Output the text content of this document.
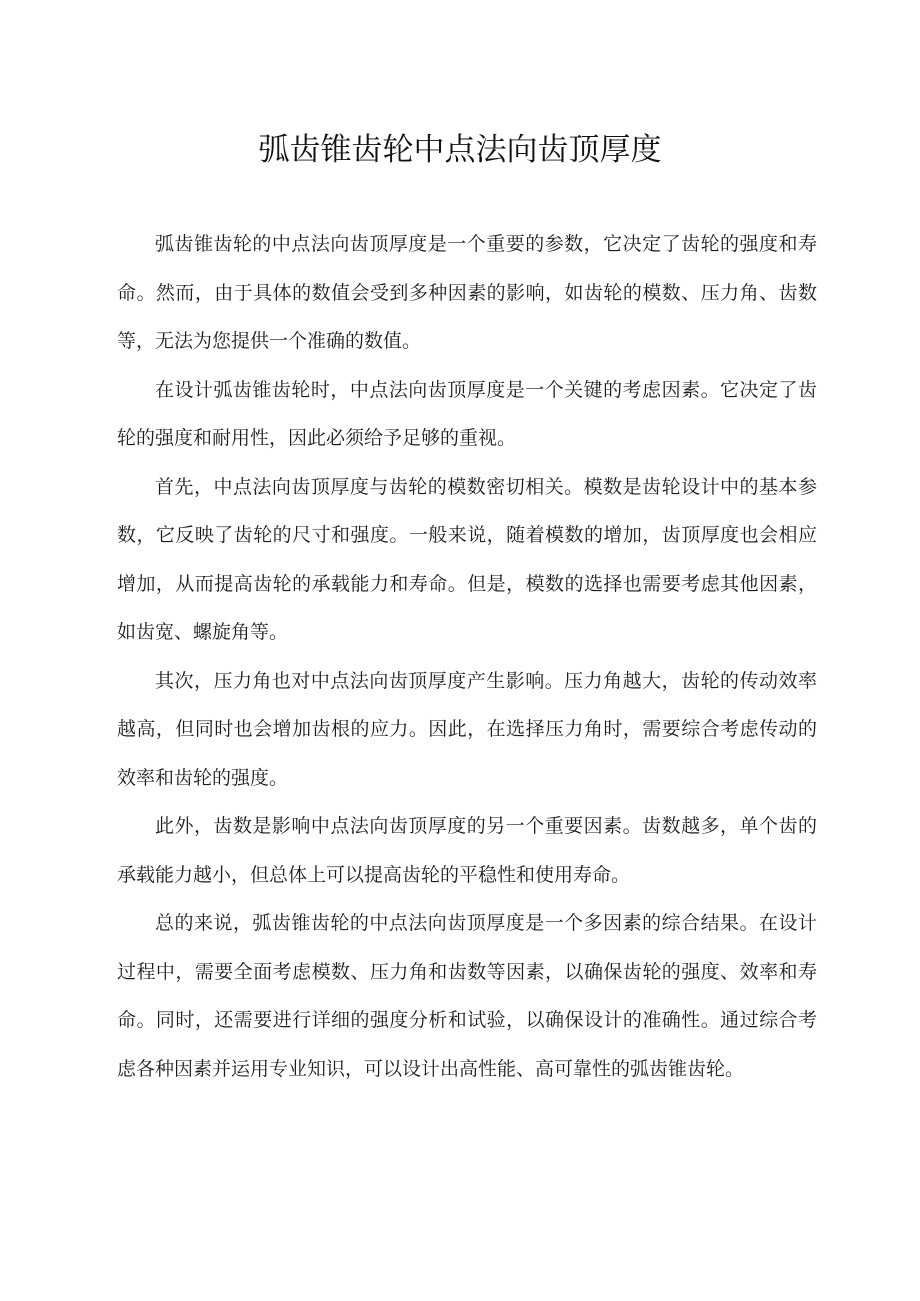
弧齿锥齿轮中点法向齿顶厚度

弧齿锥齿轮的中点法向齿顶厚度是一个重要的参数，它决定了齿轮的强度和寿命。然而，由于具体的数值会受到多种因素的影响，如齿轮的模数、压力角、齿数等，无法为您提供一个准确的数值。

在设计弧齿锥齿轮时，中点法向齿顶厚度是一个关键的考虑因素。它决定了齿轮的强度和耐用性，因此必须给予足够的重视。

首先，中点法向齿顶厚度与齿轮的模数密切相关。模数是齿轮设计中的基本参数，它反映了齿轮的尺寸和强度。一般来说，随着模数的增加，齿顶厚度也会相应增加，从而提高齿轮的承载能力和寿命。但是，模数的选择也需要考虑其他因素，如齿宽、螺旋角等。

其次，压力角也对中点法向齿顶厚度产生影响。压力角越大，齿轮的传动效率越高，但同时也会增加齿根的应力。因此，在选择压力角时，需要综合考虑传动的效率和齿轮的强度。

此外，齿数是影响中点法向齿顶厚度的另一个重要因素。齿数越多，单个齿的承载能力越小，但总体上可以提高齿轮的平稳性和使用寿命。

总的来说，弧齿锥齿轮的中点法向齿顶厚度是一个多因素的综合结果。在设计过程中，需要全面考虑模数、压力角和齿数等因素，以确保齿轮的强度、效率和寿命。同时，还需要进行详细的强度分析和试验，以确保设计的准确性。通过综合考虑各种因素并运用专业知识，可以设计出高性能、高可靠性的弧齿锥齿轮。
